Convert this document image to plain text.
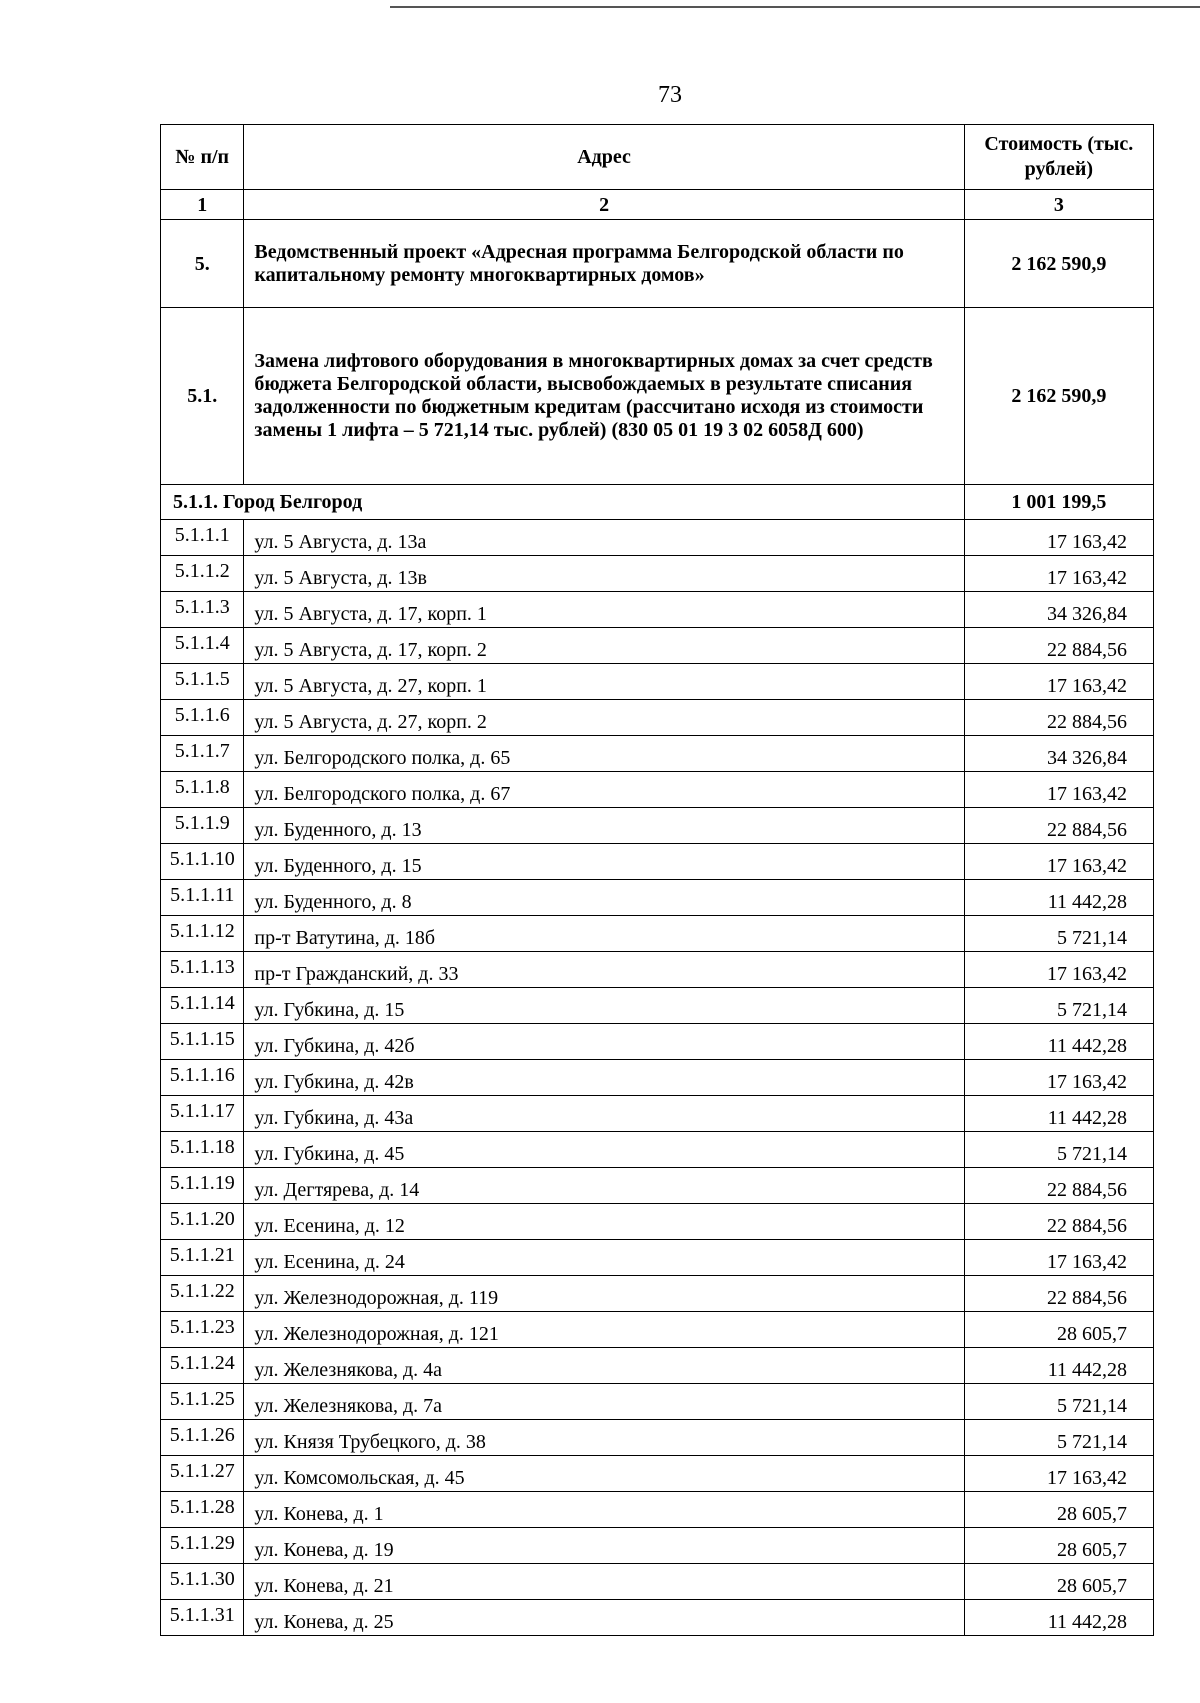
73
№ п/п	Адрес	Стоимость (тыс. рублей)
1	2	3
5.	Ведомственный проект «Адресная программа Белгородской области по капитальному ремонту многоквартирных домов»	2 162 590,9
5.1.	Замена лифтового оборудования в многоквартирных домах за счет средств бюджета Белгородской области, высвобождаемых в результате списания задолженности по бюджетным кредитам (рассчитано исходя из стоимости замены 1 лифта – 5 721,14 тыс. рублей) (830 05 01 19 3 02 6058Д 600)	2 162 590,9
5.1.1. Город Белгород		1 001 199,5
5.1.1.1	ул. 5 Августа, д. 13а	17 163,42
5.1.1.2	ул. 5 Августа, д. 13в	17 163,42
5.1.1.3	ул. 5 Августа, д. 17, корп. 1	34 326,84
5.1.1.4	ул. 5 Августа, д. 17, корп. 2	22 884,56
5.1.1.5	ул. 5 Августа, д. 27, корп. 1	17 163,42
5.1.1.6	ул. 5 Августа, д. 27, корп. 2	22 884,56
5.1.1.7	ул. Белгородского полка, д. 65	34 326,84
5.1.1.8	ул. Белгородского полка, д. 67	17 163,42
5.1.1.9	ул. Буденного, д. 13	22 884,56
5.1.1.10	ул. Буденного, д. 15	17 163,42
5.1.1.11	ул. Буденного, д. 8	11 442,28
5.1.1.12	пр-т Ватутина, д. 18б	5 721,14
5.1.1.13	пр-т Гражданский, д. 33	17 163,42
5.1.1.14	ул. Губкина, д. 15	5 721,14
5.1.1.15	ул. Губкина, д. 42б	11 442,28
5.1.1.16	ул. Губкина, д. 42в	17 163,42
5.1.1.17	ул. Губкина, д. 43а	11 442,28
5.1.1.18	ул. Губкина, д. 45	5 721,14
5.1.1.19	ул. Дегтярева, д. 14	22 884,56
5.1.1.20	ул. Есенина, д. 12	22 884,56
5.1.1.21	ул. Есенина, д. 24	17 163,42
5.1.1.22	ул. Железнодорожная, д. 119	22 884,56
5.1.1.23	ул. Железнодорожная, д. 121	28 605,7
5.1.1.24	ул. Железнякова, д. 4а	11 442,28
5.1.1.25	ул. Железнякова, д. 7а	5 721,14
5.1.1.26	ул. Князя Трубецкого, д. 38	5 721,14
5.1.1.27	ул. Комсомольская, д. 45	17 163,42
5.1.1.28	ул. Конева, д. 1	28 605,7
5.1.1.29	ул. Конева, д. 19	28 605,7
5.1.1.30	ул. Конева, д. 21	28 605,7
5.1.1.31	ул. Конева, д. 25	11 442,28
